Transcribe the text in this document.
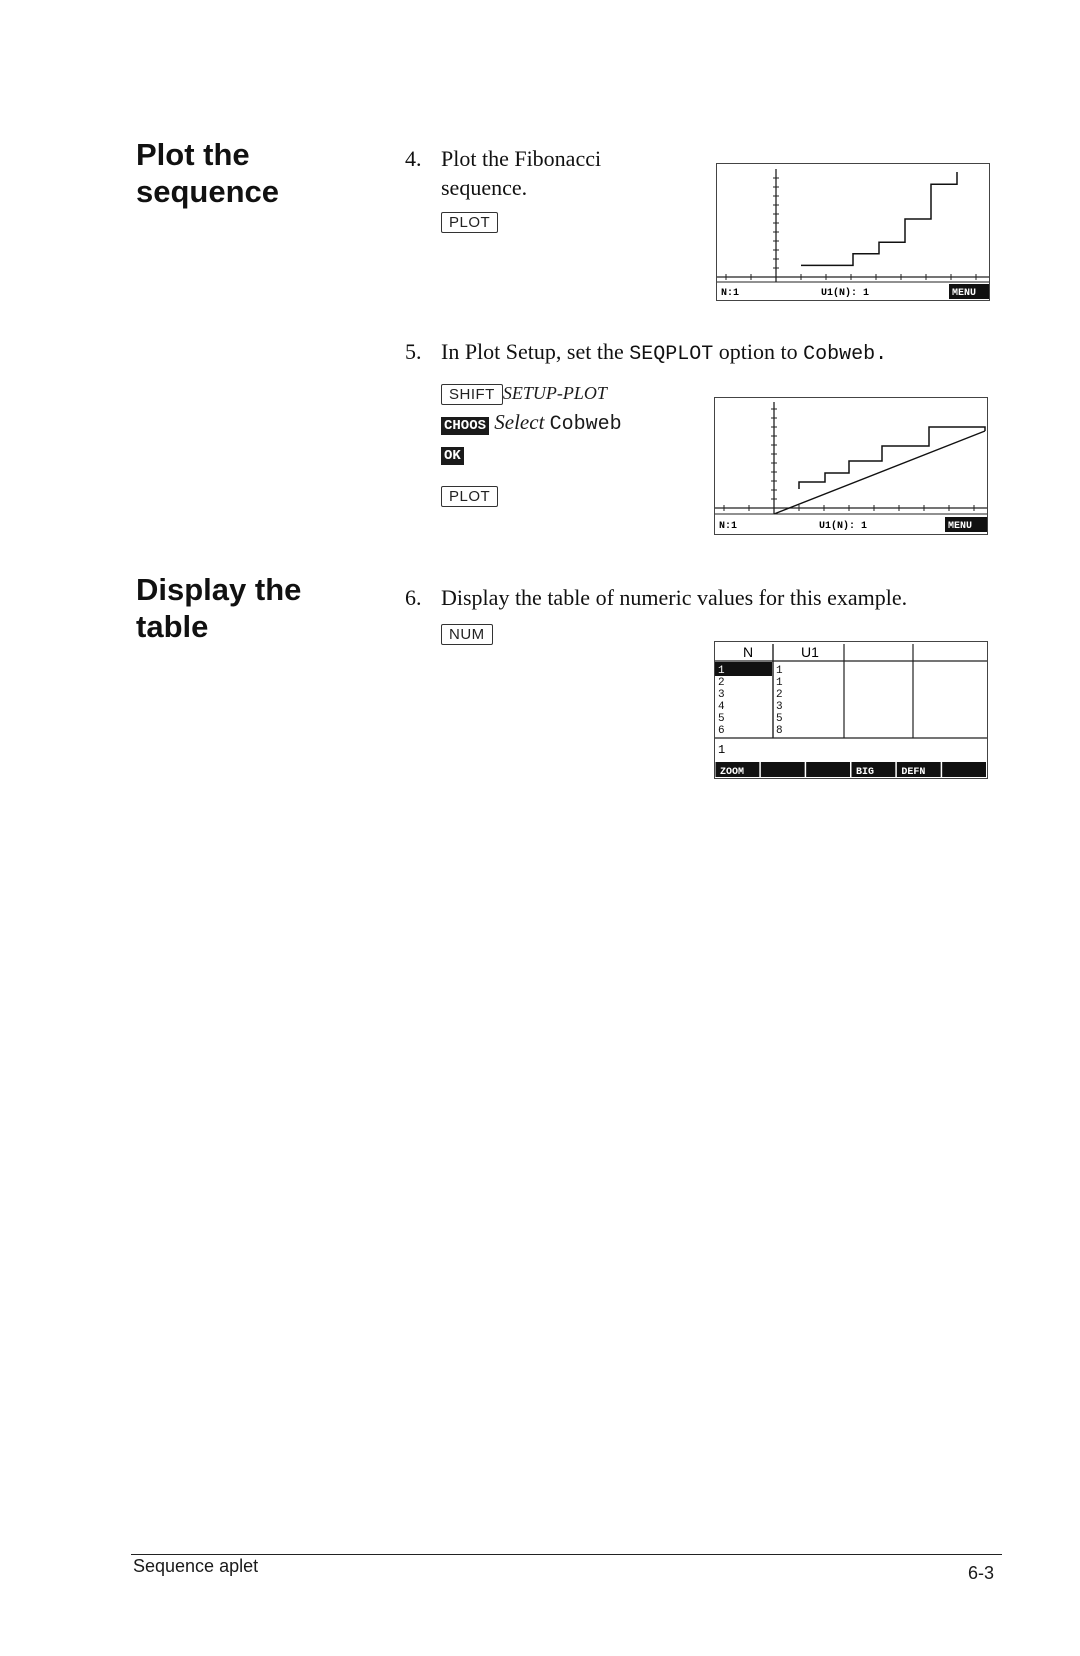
Plot the
sequence
Display the
table
4. Plot the Fibonacci
sequence.
PLOT
N:1	U1(N): 1	MENU
5. In Plot Setup, set the SEQPLOT option to Cobweb.
SHIFT SETUP-PLOT
CHOOS Select Cobweb
OK
PLOT
N:1	U1(N): 1	MENU
6. Display the table of numeric values for this example.
NUM
N	U1
1	1
2	1
3	2
4	3
5	5
6	8
1
ZOOM	BIG	DEFN
Sequence aplet	6-3
